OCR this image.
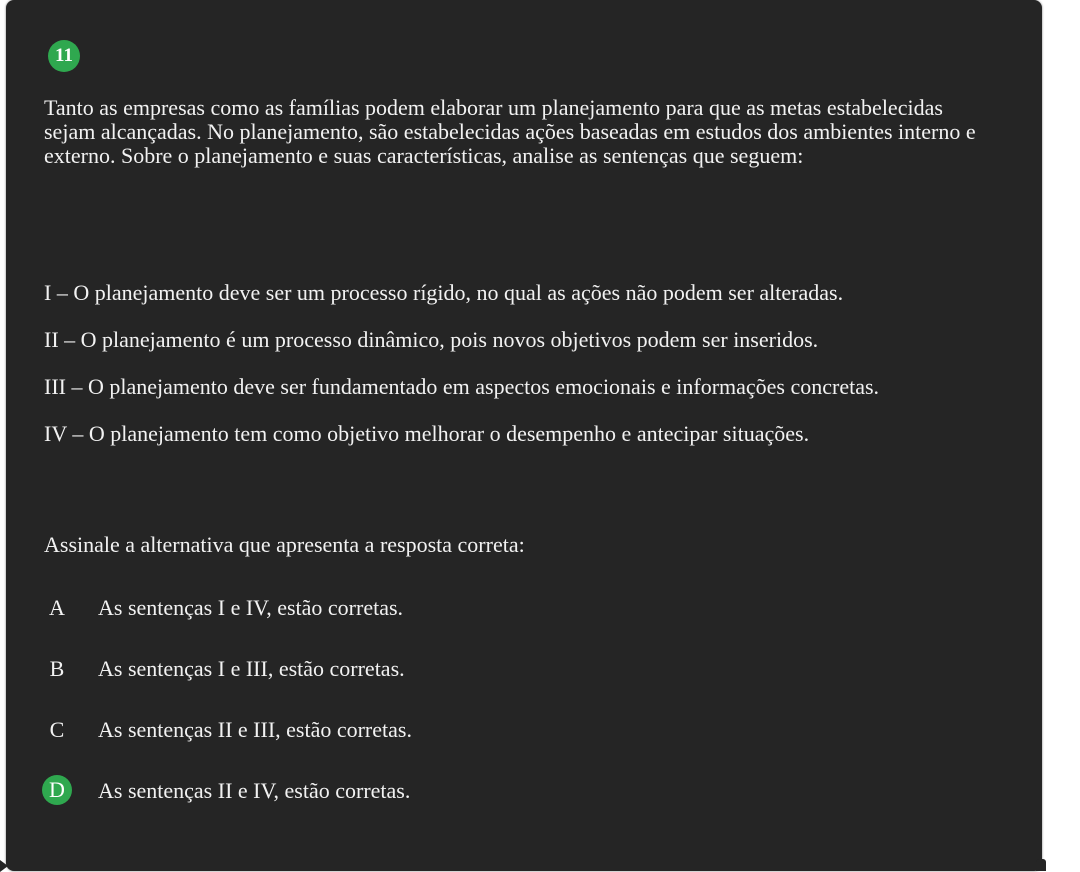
11

Tanto as empresas como as famílias podem elaborar um planejamento para que as metas estabelecidas sejam alcançadas. No planejamento, são estabelecidas ações baseadas em estudos dos ambientes interno e externo. Sobre o planejamento e suas características, analise as sentenças que seguem:

I – O planejamento deve ser um processo rígido, no qual as ações não podem ser alteradas.
II – O planejamento é um processo dinâmico, pois novos objetivos podem ser inseridos.
III – O planejamento deve ser fundamentado em aspectos emocionais e informações concretas.
IV – O planejamento tem como objetivo melhorar o desempenho e antecipar situações.

Assinale a alternativa que apresenta a resposta correta:

A	As sentenças I e IV, estão corretas.
B	As sentenças I e III, estão corretas.
C	As sentenças II e III, estão corretas.
D	As sentenças II e IV, estão corretas.
